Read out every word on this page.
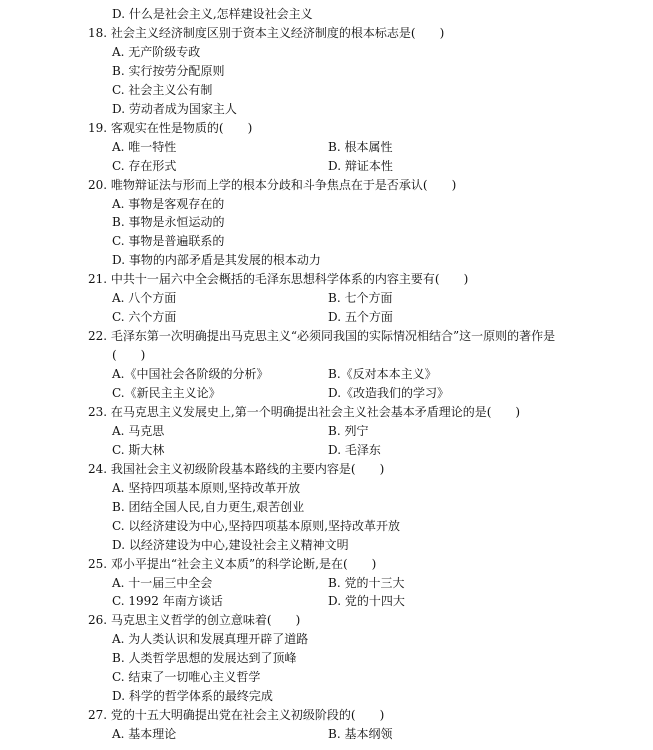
D. 什么是社会主义,怎样建设社会主义
18. 社会主义经济制度区别于资本主义经济制度的根本标志是(　　)
A. 无产阶级专政
B. 实行按劳分配原则
C. 社会主义公有制
D. 劳动者成为国家主人
19. 客观实在性是物质的(　　)
A. 唯一特性	B. 根本属性
C. 存在形式	D. 辩证本性
20. 唯物辩证法与形而上学的根本分歧和斗争焦点在于是否承认(　　)
A. 事物是客观存在的
B. 事物是永恒运动的
C. 事物是普遍联系的
D. 事物的内部矛盾是其发展的根本动力
21. 中共十一届六中全会概括的毛泽东思想科学体系的内容主要有(　　)
A. 八个方面	B. 七个方面
C. 六个方面	D. 五个方面
22. 毛泽东第一次明确提出马克思主义“必须同我国的实际情况相结合”这一原则的著作是
(　　)
A.《中国社会各阶级的分析》	B.《反对本本主义》
C.《新民主主义论》	D.《改造我们的学习》
23. 在马克思主义发展史上,第一个明确提出社会主义社会基本矛盾理论的是(　　)
A. 马克思	B. 列宁
C. 斯大林	D. 毛泽东
24. 我国社会主义初级阶段基本路线的主要内容是(　　)
A. 坚持四项基本原则,坚持改革开放
B. 团结全国人民,自力更生,艰苦创业
C. 以经济建设为中心,坚持四项基本原则,坚持改革开放
D. 以经济建设为中心,建设社会主义精神文明
25. 邓小平提出“社会主义本质”的科学论断,是在(　　)
A. 十一届三中全会	B. 党的十三大
C. 1992 年南方谈话	D. 党的十四大
26. 马克思主义哲学的创立意味着(　　)
A. 为人类认识和发展真理开辟了道路
B. 人类哲学思想的发展达到了顶峰
C. 结束了一切唯心主义哲学
D. 科学的哲学体系的最终完成
27. 党的十五大明确提出党在社会主义初级阶段的(　　)
A. 基本理论	B. 基本纲领
